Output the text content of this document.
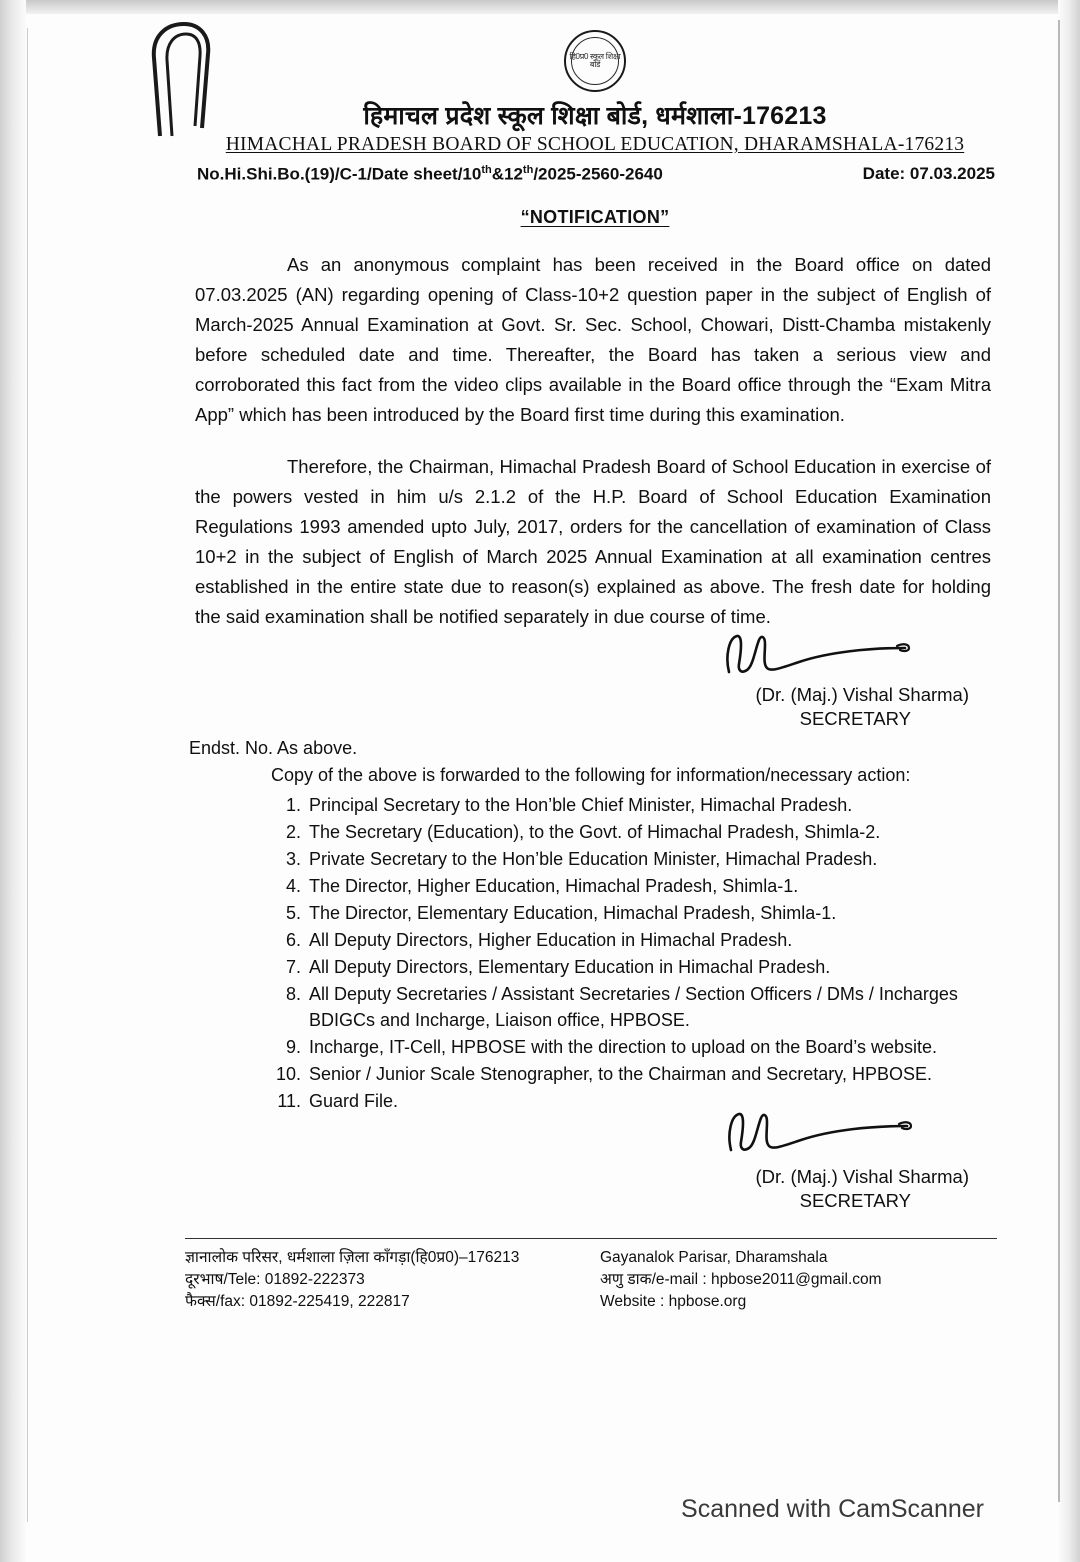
हि0प्र0 स्कूल शिक्षा बोर्ड
हिमाचल प्रदेश स्कूल शिक्षा बोर्ड, धर्मशाला-176213
HIMACHAL PRADESH BOARD OF SCHOOL EDUCATION, DHARAMSHALA-176213
No.Hi.Shi.Bo.(19)/C-1/Date sheet/10th&12th/2025-2560-2640	Date: 07.03.2025
“NOTIFICATION”

As an anonymous complaint has been received in the Board office on dated 07.03.2025 (AN) regarding opening of Class-10+2 question paper in the subject of English of March-2025 Annual Examination at Govt. Sr. Sec. School, Chowari, Distt-Chamba mistakenly before scheduled date and time. Thereafter, the Board has taken a serious view and corroborated this fact from the video clips available in the Board office through the “Exam Mitra App” which has been introduced by the Board first time during this examination.

Therefore, the Chairman, Himachal Pradesh Board of School Education in exercise of the powers vested in him u/s 2.1.2 of the H.P. Board of School Education Examination Regulations 1993 amended upto July, 2017, orders for the cancellation of examination of Class 10+2 in the subject of English of March 2025 Annual Examination at all examination centres established in the entire state due to reason(s) explained as above. The fresh date for holding the said examination shall be notified separately in due course of time.

(Dr. (Maj.) Vishal Sharma)
SECRETARY
Endst. No. As above.
Copy of the above is forwarded to the following for information/necessary action:
1. Principal Secretary to the Hon’ble Chief Minister, Himachal Pradesh.
2. The Secretary (Education), to the Govt. of Himachal Pradesh, Shimla-2.
3. Private Secretary to the Hon’ble Education Minister, Himachal Pradesh.
4. The Director, Higher Education, Himachal Pradesh, Shimla-1.
5. The Director, Elementary Education, Himachal Pradesh, Shimla-1.
6. All Deputy Directors, Higher Education in Himachal Pradesh.
7. All Deputy Directors, Elementary Education in Himachal Pradesh.
8. All Deputy Secretaries / Assistant Secretaries / Section Officers / DMs / Incharges BDIGCs and Incharge, Liaison office, HPBOSE.
9. Incharge, IT-Cell, HPBOSE with the direction to upload on the Board’s website.
10. Senior / Junior Scale Stenographer, to the Chairman and Secretary, HPBOSE.
11. Guard File.
(Dr. (Maj.) Vishal Sharma)
SECRETARY
ज्ञानालोक परिसर, धर्मशाला ज़िला काँगड़ा(हि0प्र0)–176213
दूरभाष/Tele: 01892-222373
फैक्स/fax: 01892-225419, 222817
Gayanalok Parisar, Dharamshala
अणु डाक/e-mail : hpbose2011@gmail.com
Website : hpbose.org
Scanned with CamScanner
